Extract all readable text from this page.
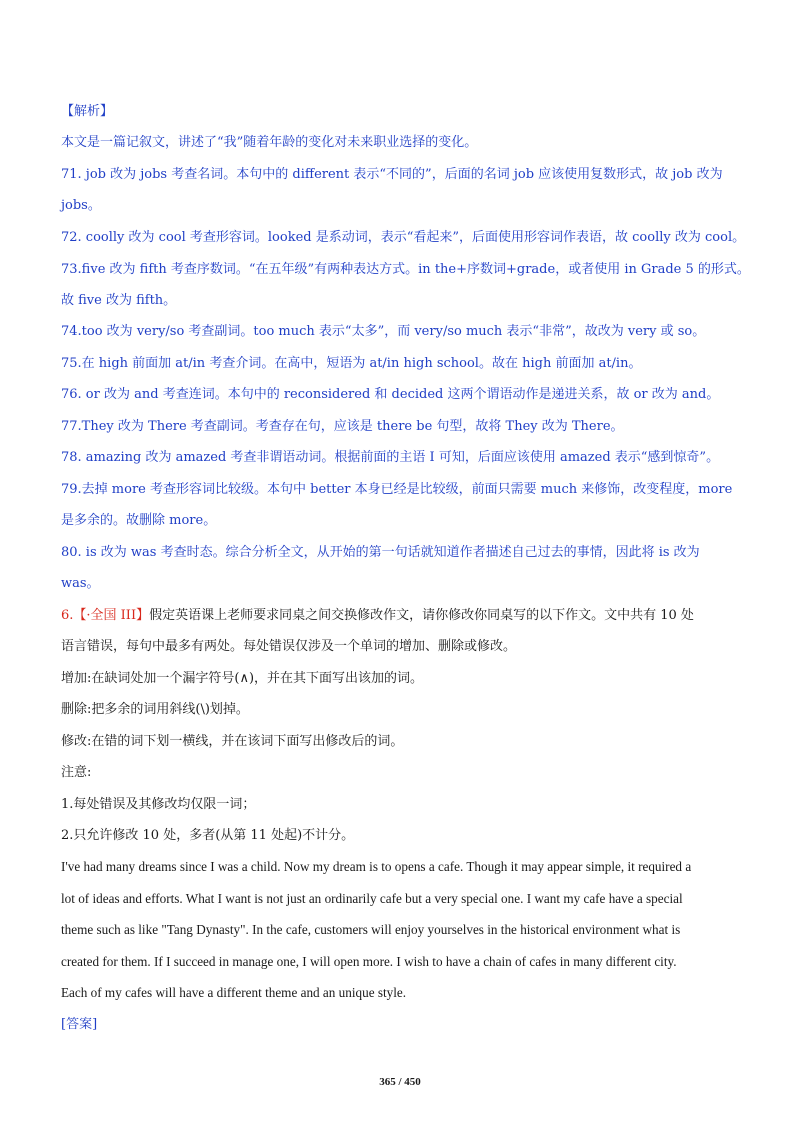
【解析】
本文是一篇记叙文，讲述了“我”随着年龄的变化对未来职业选择的变化。
71. job 改为 jobs 考查名词。本句中的 different 表示“不同的”，后面的名词 job 应该使用复数形式，故 job 改为
jobs。
72. coolly 改为 cool 考查形容词。looked 是系动词，表示“看起来”，后面使用形容词作表语，故 coolly 改为 cool。
73.five 改为 fifth 考查序数词。“在五年级”有两种表达方式。in the+序数词+grade，或者使用 in Grade 5 的形式。
故 five 改为 fifth。
74.too 改为 very/so 考查副词。too much 表示“太多”，而 very/so much 表示“非常”，故改为 very 或 so。
75.在 high 前面加 at/in 考查介词。在高中，短语为 at/in high school。故在 high 前面加 at/in。
76. or 改为 and 考查连词。本句中的 reconsidered 和 decided 这两个谓语动作是递进关系，故 or 改为 and。
77.They 改为 There 考查副词。考查存在句，应该是 there be 句型，故将 They 改为 There。
78. amazing 改为 amazed 考查非谓语动词。根据前面的主语 I 可知，后面应该使用 amazed 表示“感到惊奇”。
79.去掉 more 考查形容词比较级。本句中 better 本身已经是比较级，前面只需要 much 来修饰，改变程度，more
是多余的。故删除 more。
80. is 改为 was 考查时态。综合分析全文，从开始的第一句话就知道作者描述自己过去的事情，因此将 is 改为
was。
6.【·全国 III】假定英语课上老师要求同桌之间交换修改作文，请你修改你同桌写的以下作文。文中共有 10 处
语言错误，每句中最多有两处。每处错误仅涉及一个单词的增加、删除或修改。
增加:在缺词处加一个漏字符号(∧)，并在其下面写出该加的词。
删除:把多余的词用斜线(\)划掉。
修改:在错的词下划一横线，并在该词下面写出修改后的词。
注意:
1.每处错误及其修改均仅限一词；
2.只允许修改 10 处，多者(从第 11 处起)不计分。
I've had many dreams since I was a child. Now my dream is to opens a cafe. Though it may appear simple, it required a
lot of ideas and efforts. What I want is not just an ordinarily cafe but a very special one. I want my cafe have a special
theme such as like "Tang Dynasty". In the cafe, customers will enjoy yourselves in the historical environment what is
created for them. If I succeed in manage one, I will open more. I wish to have a chain of cafes in many different city.
Each of my cafes will have a different theme and an unique style.
[答案]
365 / 450
